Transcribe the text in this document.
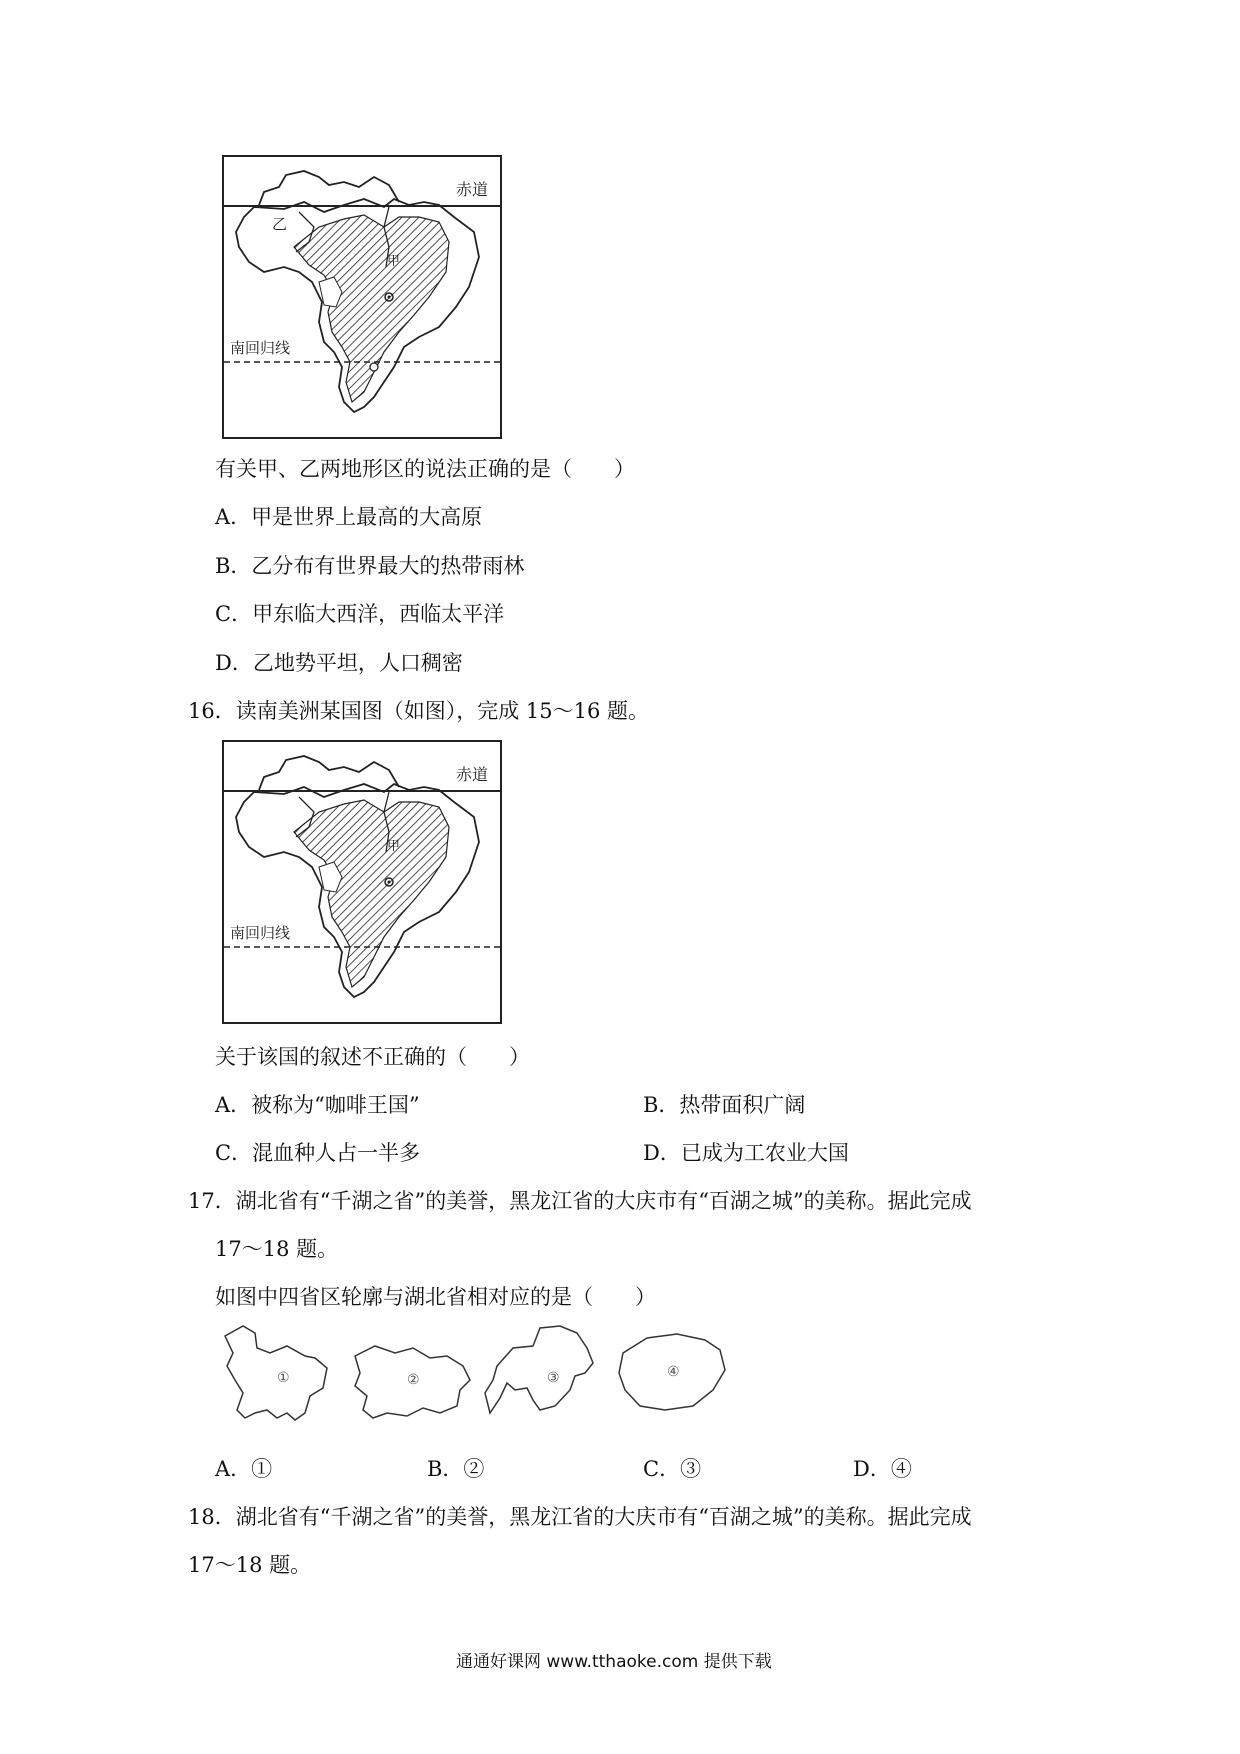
赤道
南回归线
甲
乙
有关甲、乙两地形区的说法正确的是（　　）
A．甲是世界上最高的大高原
B．乙分布有世界最大的热带雨林
C．甲东临大西洋，西临太平洋
D．乙地势平坦，人口稠密
16．读南美洲某国图（如图），完成 15～16 题。
赤道
南回归线
甲
关于该国的叙述不正确的（　　）
A．被称为“咖啡王国”	B．热带面积广阔
C．混血种人占一半多	D．已成为工农业大国
17．湖北省有“千湖之省”的美誉，黑龙江省的大庆市有“百湖之城”的美称。据此完成
17～18 题。
如图中四省区轮廓与湖北省相对应的是（　　）
①	②	③	④
A．①	B．②	C．③	D．④
18．湖北省有“千湖之省”的美誉，黑龙江省的大庆市有“百湖之城”的美称。据此完成
17～18 题。
通通好课网 www.tthaoke.com 提供下载
